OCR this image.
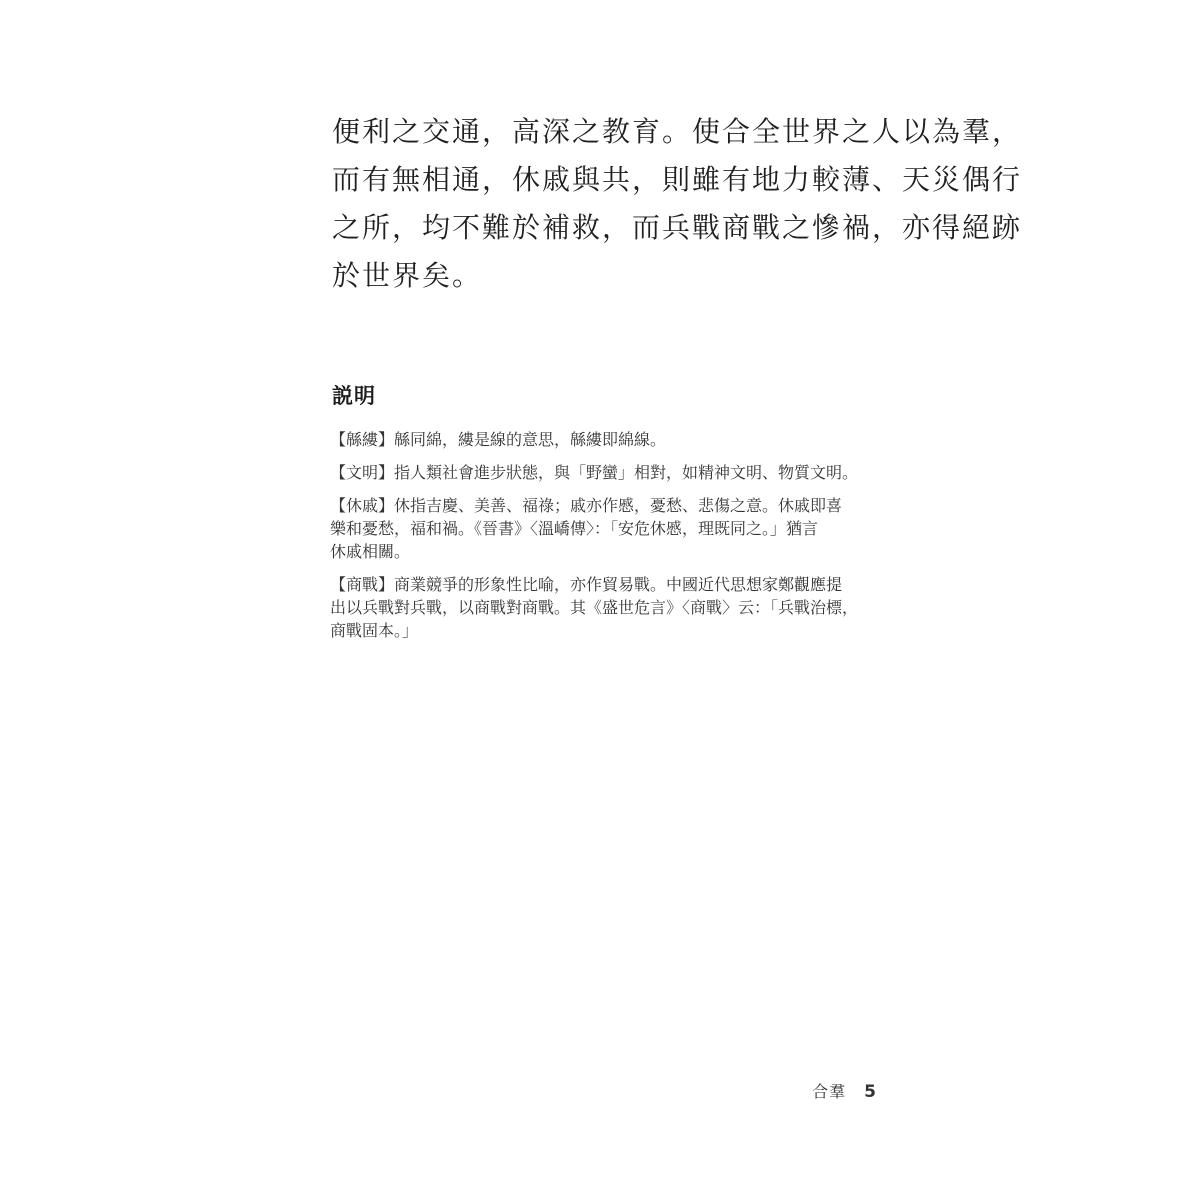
便利之交通，高深之教育。使合全世界之人以為羣，
而有無相通，休戚與共，則雖有地力較薄、天災偶行
之所，均不難於補救，而兵戰商戰之慘禍，亦得絕跡
於世界矣。
説明
【緜縷】緜同綿，縷是線的意思，緜縷即綿線。
【文明】指人類社會進步狀態，與「野蠻」相對，如精神文明、物質文明。
【休戚】休指吉慶、美善、福祿；戚亦作慼，憂愁、悲傷之意。休戚即喜
樂和憂愁，福和禍。《晉書》〈溫嶠傳〉：「安危休慼，理既同之。」猶言
休戚相關。
【商戰】商業競爭的形象性比喻，亦作貿易戰。中國近代思想家鄭觀應提
出以兵戰對兵戰，以商戰對商戰。其《盛世危言》〈商戰〉云：「兵戰治標，
商戰固本。」
合羣 5
